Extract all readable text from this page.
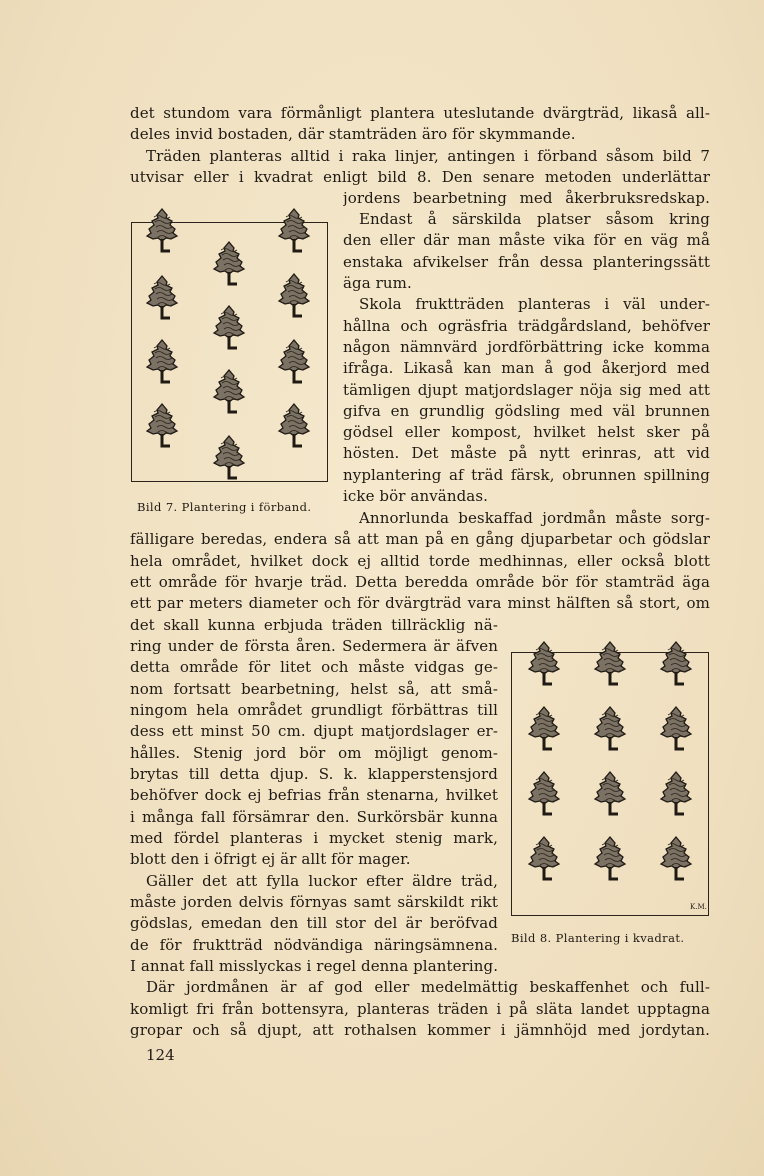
det stundom vara förmånligt plantera uteslutande dvärgträd, likaså all-
deles invid bostaden, där stamträden äro för skymmande.
Träden planteras alltid i raka linjer, antingen i förband såsom bild 7
utvisar eller i kvadrat enligt bild 8. Den senare metoden underlättar
jordens bearbetning med åkerbruksredskap.
Endast å särskilda platser såsom kring
den eller där man måste vika för en väg må
enstaka afvikelser från dessa planteringssätt
äga rum.
Skola fruktträden planteras i väl under-
hållna och ogräsfria trädgårdsland, behöfver
någon nämnvärd jordförbättring icke komma
ifråga. Likaså kan man å god åkerjord med
tämligen djupt matjordslager nöja sig med att
gifva en grundlig gödsling med väl brunnen
gödsel eller kompost, hvilket helst sker på
hösten. Det måste på nytt erinras, att vid
nyplantering af träd färsk, obrunnen spillning
icke bör användas.
Annorlunda beskaffad jordmån måste sorg-
Bild 7. Plantering i förband.
fälligare beredas, endera så att man på en gång djuparbetar och gödslar
hela området, hvilket dock ej alltid torde medhinnas, eller också blott
ett område för hvarje träd. Detta beredda område bör för stamträd äga
ett par meters diameter och för dvärgträd vara minst hälften så stort, om
det skall kunna erbjuda träden tillräcklig nä-
ring under de första åren. Sedermera är äfven
detta område för litet och måste vidgas ge-
nom fortsatt bearbetning, helst så, att små-
ningom hela området grundligt förbättras till
dess ett minst 50 cm. djupt matjordslager er-
hålles. Stenig jord bör om möjligt genom-
brytas till detta djup. S. k. klapperstensjord
behöfver dock ej befrias från stenarna, hvilket
i många fall försämrar den. Surkörsbär kunna
med fördel planteras i mycket stenig mark,
blott den i öfrigt ej är allt för mager.
Gäller det att fylla luckor efter äldre träd,
måste jorden delvis förnyas samt särskildt rikt
gödslas, emedan den till stor del är beröfvad
de för fruktträd nödvändiga näringsämnena.
K.M.
Bild 8. Plantering i kvadrat.
I annat fall misslyckas i regel denna plantering.
Där jordmånen är af god eller medelmättig beskaffenhet och full-
komligt fri från bottensyra, planteras träden i på släta landet upptagna
gropar och så djupt, att rothalsen kommer i jämnhöjd med jordytan.
124
